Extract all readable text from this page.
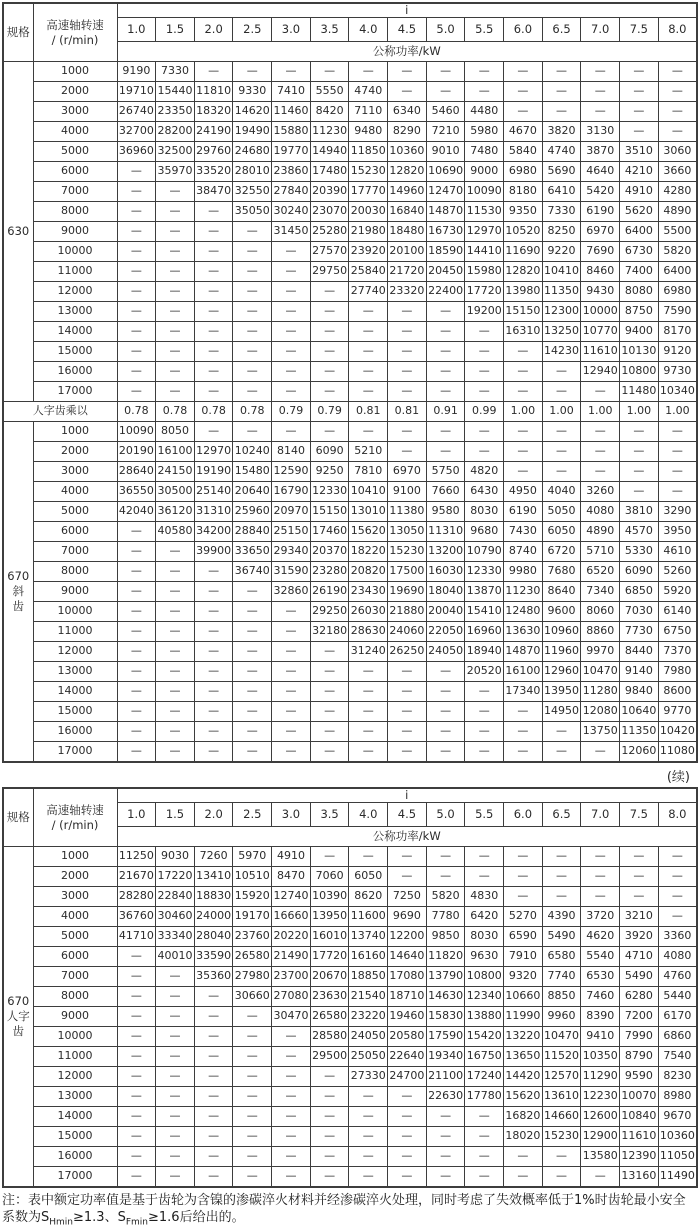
规格	高速轴转速
/ (r/min)	i														
		1.0	1.5	2.0	2.5	3.0	3.5	4.0	4.5	5.0	5.5	6.0	6.5	7.0	7.5	8.0
		公称功率/kW														

630	1000	9190	7330	—	—	—	—	—	—	—	—	—	—	—	—	—
	2000	19710	15440	11810	9330	7410	5550	4740	—	—	—	—	—	—	—	—
	3000	26740	23350	18320	14620	11460	8420	7110	6340	5460	4480	—	—	—	—	—
	4000	32700	28200	24190	19490	15880	11230	9480	8290	7210	5980	4670	3820	3130	—	—
	5000	36960	32500	29760	24680	19770	14940	11850	10360	9010	7480	5840	4740	3870	3510	3060
	6000	—	35970	33520	28010	23860	17480	15230	12820	10690	9000	6980	5690	4640	4210	3660
	7000	—	—	38470	32550	27840	20390	17770	14960	12470	10090	8180	6410	5420	4910	4280
	8000	—	—	—	35050	30240	23070	20030	16840	14870	11530	9350	7330	6190	5620	4890
	9000	—	—	—	—	31450	25280	21980	18480	16730	12970	10520	8250	6970	6400	5500
	10000	—	—	—	—	—	27570	23920	20100	18590	14410	11690	9220	7690	6730	5820
	11000	—	—	—	—	—	29750	25840	21720	20450	15980	12820	10410	8460	7400	6400
	12000	—	—	—	—	—	—	27740	23320	22400	17720	13980	11350	9430	8080	6980
	13000	—	—	—	—	—	—	—	—	—	19200	15150	12300	10000	8750	7590
	14000	—	—	—	—	—	—	—	—	—	—	16310	13250	10770	9400	8170
	15000	—	—	—	—	—	—	—	—	—	—	—	14230	11610	10130	9120
	16000	—	—	—	—	—	—	—	—	—	—	—	—	12940	10800	9730
	17000	—	—	—	—	—	—	—	—	—	—	—	—	—	11480	10340
人字齿乘以		0.78	0.78	0.78	0.78	0.79	0.79	0.81	0.81	0.91	0.99	1.00	1.00	1.00	1.00	1.00

670
斜
齿	1000	10090	8050	—	—	—	—	—	—	—	—	—	—	—	—	—
	2000	20190	16100	12970	10240	8140	6090	5210	—	—	—	—	—	—	—	—
	3000	28640	24150	19190	15480	12590	9250	7810	6970	5750	4820	—	—	—	—	—
	4000	36550	30500	25140	20640	16790	12330	10410	9100	7660	6430	4950	4040	3260	—	—
	5000	42040	36120	31310	25960	20970	15150	13010	11380	9580	8030	6190	5050	4080	3810	3290
	6000	—	40580	34200	28840	25150	17460	15620	13050	11310	9680	7430	6050	4890	4570	3950
	7000	—	—	39900	33650	29340	20370	18220	15230	13200	10790	8740	6720	5710	5330	4610
	8000	—	—	—	36740	31590	23280	20820	17500	16030	12330	9980	7680	6520	6090	5260
	9000	—	—	—	—	32860	26190	23430	19690	18040	13870	11230	8640	7340	6850	5920
	10000	—	—	—	—	—	29250	26030	21880	20040	15410	12480	9600	8060	7030	6140
	11000	—	—	—	—	—	32180	28630	24060	22050	16960	13630	10960	8860	7730	6750
	12000	—	—	—	—	—	—	31240	26250	24050	18940	14870	11960	9970	8440	7370
	13000	—	—	—	—	—	—	—	—	—	20520	16100	12960	10470	9140	7980
	14000	—	—	—	—	—	—	—	—	—	—	17340	13950	11280	9840	8600
	15000	—	—	—	—	—	—	—	—	—	—	—	14950	12080	10640	9770
	16000	—	—	—	—	—	—	—	—	—	—	—	—	13750	11350	10420
	17000	—	—	—	—	—	—	—	—	—	—	—	—	—	12060	11080
(续)
规格	高速轴转速
/ (r/min)	i														
		1.0	1.5	2.0	2.5	3.0	3.5	4.0	4.5	5.0	5.5	6.0	6.5	7.0	7.5	8.0
		公称功率/kW														

670
人字
齿	1000	11250	9030	7260	5970	4910	—	—	—	—	—	—	—	—	—	—
	2000	21670	17220	13410	10510	8470	7060	6050	—	—	—	—	—	—	—	—
	3000	28280	22840	18830	15920	12740	10390	8620	7250	5820	4830	—	—	—	—	—
	4000	36760	30460	24000	19170	16660	13950	11600	9690	7780	6420	5270	4390	3720	3210	—
	5000	41710	33340	28040	23760	20220	16010	13740	12200	9850	8030	6590	5490	4620	3920	3360
	6000	—	40010	33590	26580	21490	17720	16160	14640	11820	9630	7910	6580	5540	4710	4080
	7000	—	—	35360	27980	23700	20670	18850	17080	13790	10800	9320	7740	6530	5490	4760
	8000	—	—	—	30660	27080	23630	21540	18710	14630	12340	10660	8850	7460	6280	5440
	9000	—	—	—	—	30470	26580	23220	19460	15830	13880	11990	9960	8390	7200	6170
	10000	—	—	—	—	—	28580	24050	20580	17590	15420	13220	10470	9410	7990	6860
	11000	—	—	—	—	—	29500	25050	22640	19340	16750	13650	11520	10350	8790	7540
	12000	—	—	—	—	—	—	27330	24700	21100	17240	14420	12570	11290	9590	8230
	13000	—	—	—	—	—	—	—	—	22630	17780	15620	13610	12230	10070	8980
	14000	—	—	—	—	—	—	—	—	—	—	16820	14660	12600	10840	9670
	15000	—	—	—	—	—	—	—	—	—	—	18020	15230	12900	11610	10360
	16000	—	—	—	—	—	—	—	—	—	—	—	—	13580	12390	11050
	17000	—	—	—	—	—	—	—	—	—	—	—	—	—	13160	11490
注：表中额定功率值是基于齿轮为含镍的渗碳淬火材料并经渗碳淬火处理，同时考虑了失效概率低于1%时齿轮最小安全系数为$S_{Hmin}\ge 1.3$、$S_{Fmin}\ge 1.6$后给出的。
